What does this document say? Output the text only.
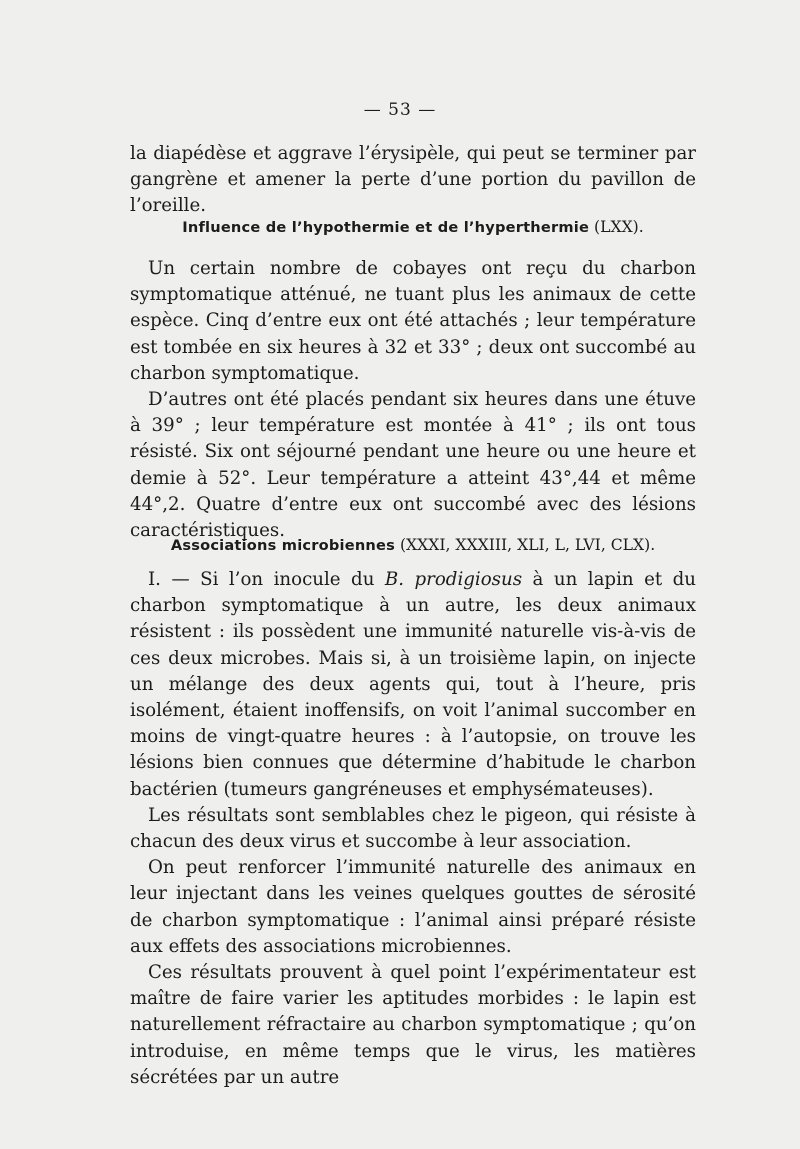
— 53 —

la diapédèse et aggrave l’érysipèle, qui peut se terminer par gangrène et amener la perte d’une portion du pavillon de l’oreille.

Influence de l’hypothermie et de l’hyperthermie (LXX).

Un certain nombre de cobayes ont reçu du charbon symptomatique atténué, ne tuant plus les animaux de cette espèce. Cinq d’entre eux ont été attachés ; leur température est tombée en six heures à 32 et 33° ; deux ont succombé au charbon symptomatique.

D’autres ont été placés pendant six heures dans une étuve à 39° ; leur température est montée à 41° ; ils ont tous résisté. Six ont séjourné pendant une heure ou une heure et demie à 52°. Leur température a atteint 43°,44 et même 44°,2. Quatre d’entre eux ont succombé avec des lésions caractéristiques.

Associations microbiennes (XXXI, XXXIII, XLI, L, LVI, CLX).

I. — Si l’on inocule du B. prodigiosus à un lapin et du charbon symptomatique à un autre, les deux animaux résistent : ils possèdent une immunité naturelle vis-à-vis de ces deux microbes. Mais si, à un troisième lapin, on injecte un mélange des deux agents qui, tout à l’heure, pris isolément, étaient inoffensifs, on voit l’animal succomber en moins de vingt-quatre heures : à l’autopsie, on trouve les lésions bien connues que détermine d’habitude le charbon bactérien (tumeurs gangréneuses et emphysémateuses).

Les résultats sont semblables chez le pigeon, qui résiste à chacun des deux virus et succombe à leur association.

On peut renforcer l’immunité naturelle des animaux en leur injectant dans les veines quelques gouttes de sérosité de charbon symptomatique : l’animal ainsi préparé résiste aux effets des associations microbiennes.

Ces résultats prouvent à quel point l’expérimentateur est maître de faire varier les aptitudes morbides : le lapin est naturellement réfractaire au charbon symptomatique ; qu’on introduise, en même temps que le virus, les matières sécrétées par un autre
